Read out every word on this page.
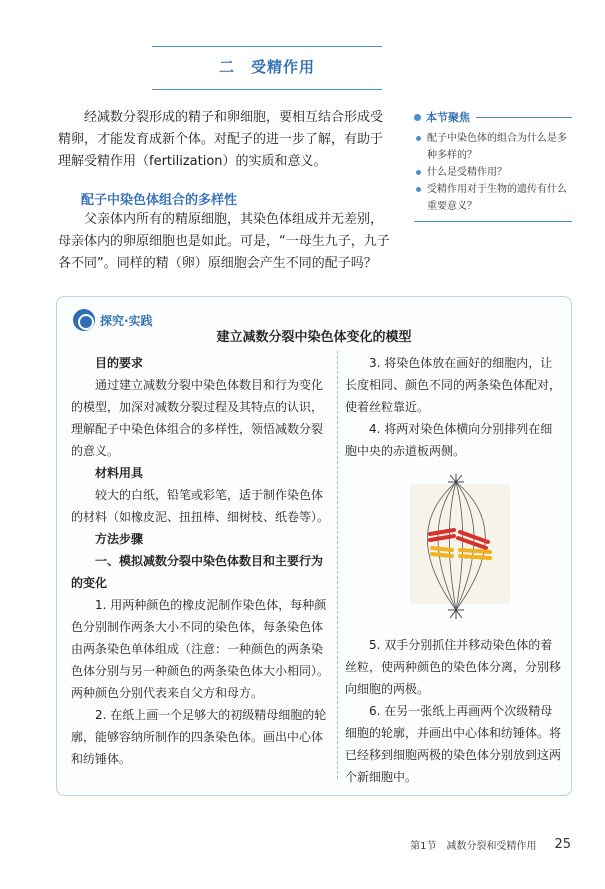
二　受精作用

经减数分裂形成的精子和卵细胞，要相互结合形成受精卵，才能发育成新个体。对配子的进一步了解，有助于理解受精作用（fertilization）的实质和意义。

本节聚焦
配子中染色体的组合为什么是多种多样的？
什么是受精作用？
受精作用对于生物的遗传有什么重要意义？
配子中染色体组合的多样性

父亲体内所有的精原细胞，其染色体组成并无差别，母亲体内的卵原细胞也是如此。可是，“一母生九子，九子各不同”。同样的精（卵）原细胞会产生不同的配子吗？

探究·实践
建立减数分裂中染色体变化的模型

目的要求

通过建立减数分裂中染色体数目和行为变化的模型，加深对减数分裂过程及其特点的认识，理解配子中染色体组合的多样性，领悟减数分裂的意义。

材料用具

较大的白纸，铅笔或彩笔，适于制作染色体的材料（如橡皮泥、扭扭棒、细树枝、纸卷等）。

方法步骤

一、模拟减数分裂中染色体数目和主要行为的变化

1. 用两种颜色的橡皮泥制作染色体，每种颜色分别制作两条大小不同的染色体，每条染色体由两条染色单体组成（注意：一种颜色的两条染色体分别与另一种颜色的两条染色体大小相同）。两种颜色分别代表来自父方和母方。

2. 在纸上画一个足够大的初级精母细胞的轮廓，能够容纳所制作的四条染色体。画出中心体和纺锤体。

3. 将染色体放在画好的细胞内，让长度相同、颜色不同的两条染色体配对，使着丝粒靠近。

4. 将两对染色体横向分别排列在细胞中央的赤道板两侧。

5. 双手分别抓住并移动染色体的着丝粒，使两种颜色的染色体分离，分别移向细胞的两极。

6. 在另一张纸上再画两个次级精母细胞的轮廓，并画出中心体和纺锤体。将已经移到细胞两极的染色体分别放到这两个新细胞中。

第1节　减数分裂和受精作用 25
